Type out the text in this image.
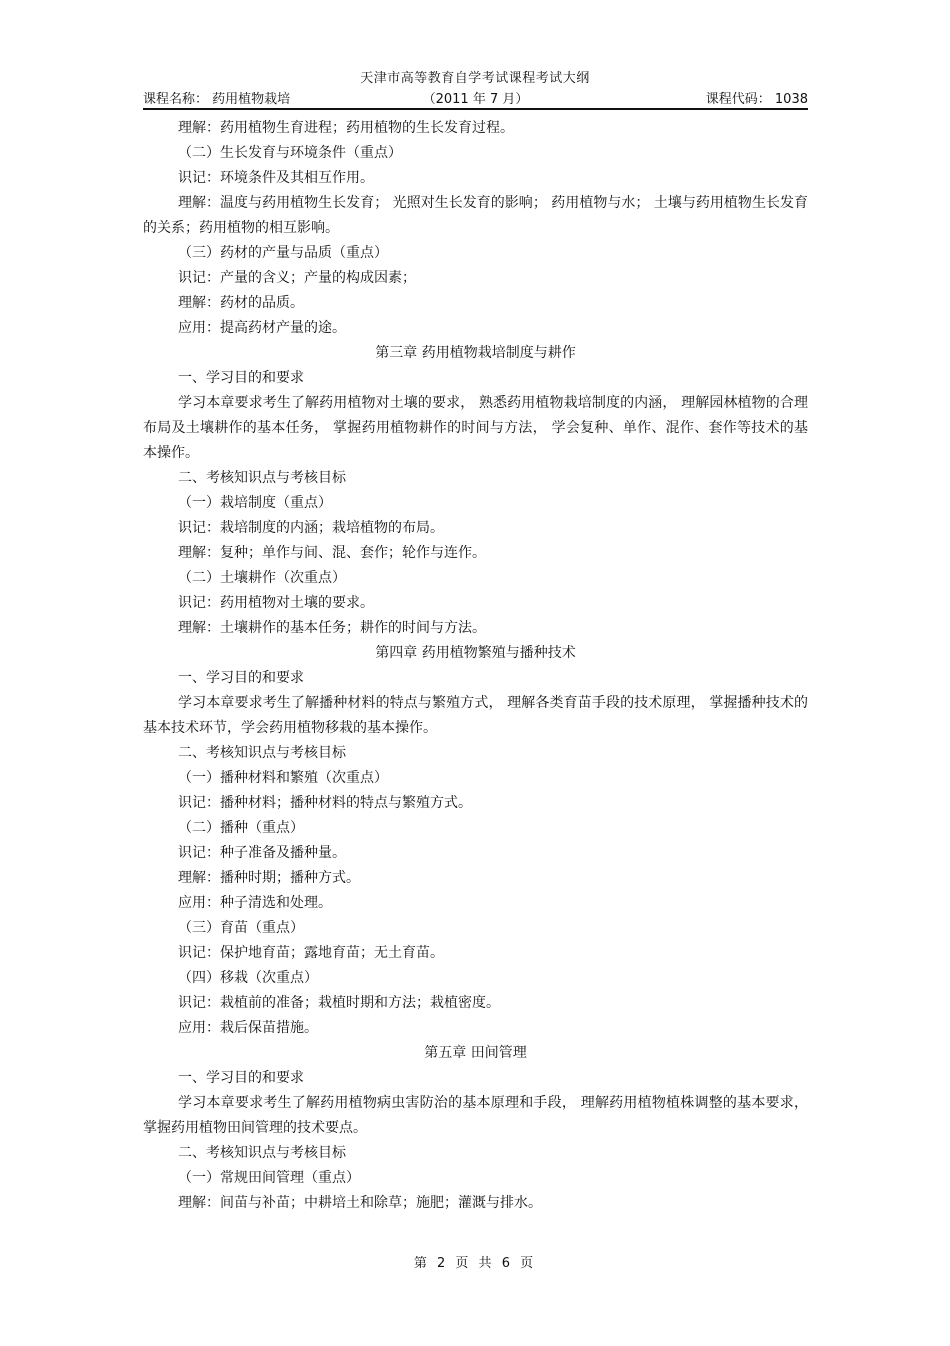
天津市高等教育自学考试课程考试大纲
（2011 年 7 月）
课程名称： 药用植物栽培	课程代码： 1038
理解：药用植物生育进程；药用植物的生长发育过程。
（二）生长发育与环境条件（重点）
识记：环境条件及其相互作用。
理解：温度与药用植物生长发育； 光照对生长发育的影响； 药用植物与水； 土壤与药用植物生长发育的关系；药用植物的相互影响。
（三）药材的产量与品质（重点）
识记：产量的含义；产量的构成因素；
理解：药材的品质。
应用：提高药材产量的途。
第三章 药用植物栽培制度与耕作
一、学习目的和要求
学习本章要求考生了解药用植物对土壤的要求， 熟悉药用植物栽培制度的内涵， 理解园林植物的合理布局及土壤耕作的基本任务， 掌握药用植物耕作的时间与方法， 学会复种、单作、混作、套作等技术的基本操作。
二、考核知识点与考核目标
（一）栽培制度（重点）
识记：栽培制度的内涵；栽培植物的布局。
理解：复种；单作与间、混、套作；轮作与连作。
（二）土壤耕作（次重点）
识记：药用植物对土壤的要求。
理解：土壤耕作的基本任务；耕作的时间与方法。
第四章 药用植物繁殖与播种技术
一、学习目的和要求
学习本章要求考生了解播种材料的特点与繁殖方式， 理解各类育苗手段的技术原理， 掌握播种技术的基本技术环节，学会药用植物移栽的基本操作。
二、考核知识点与考核目标
（一）播种材料和繁殖（次重点）
识记：播种材料；播种材料的特点与繁殖方式。
（二）播种（重点）
识记：种子准备及播种量。
理解：播种时期；播种方式。
应用：种子清选和处理。
（三）育苗（重点）
识记：保护地育苗；露地育苗；无土育苗。
（四）移栽（次重点）
识记：栽植前的准备；栽植时期和方法；栽植密度。
应用：栽后保苗措施。
第五章 田间管理
一、学习目的和要求
学习本章要求考生了解药用植物病虫害防治的基本原理和手段， 理解药用植物植株调整的基本要求，掌握药用植物田间管理的技术要点。
二、考核知识点与考核目标
（一）常规田间管理（重点）
理解：间苗与补苗；中耕培土和除草；施肥；灌溉与排水。
第 2 页 共 6 页
